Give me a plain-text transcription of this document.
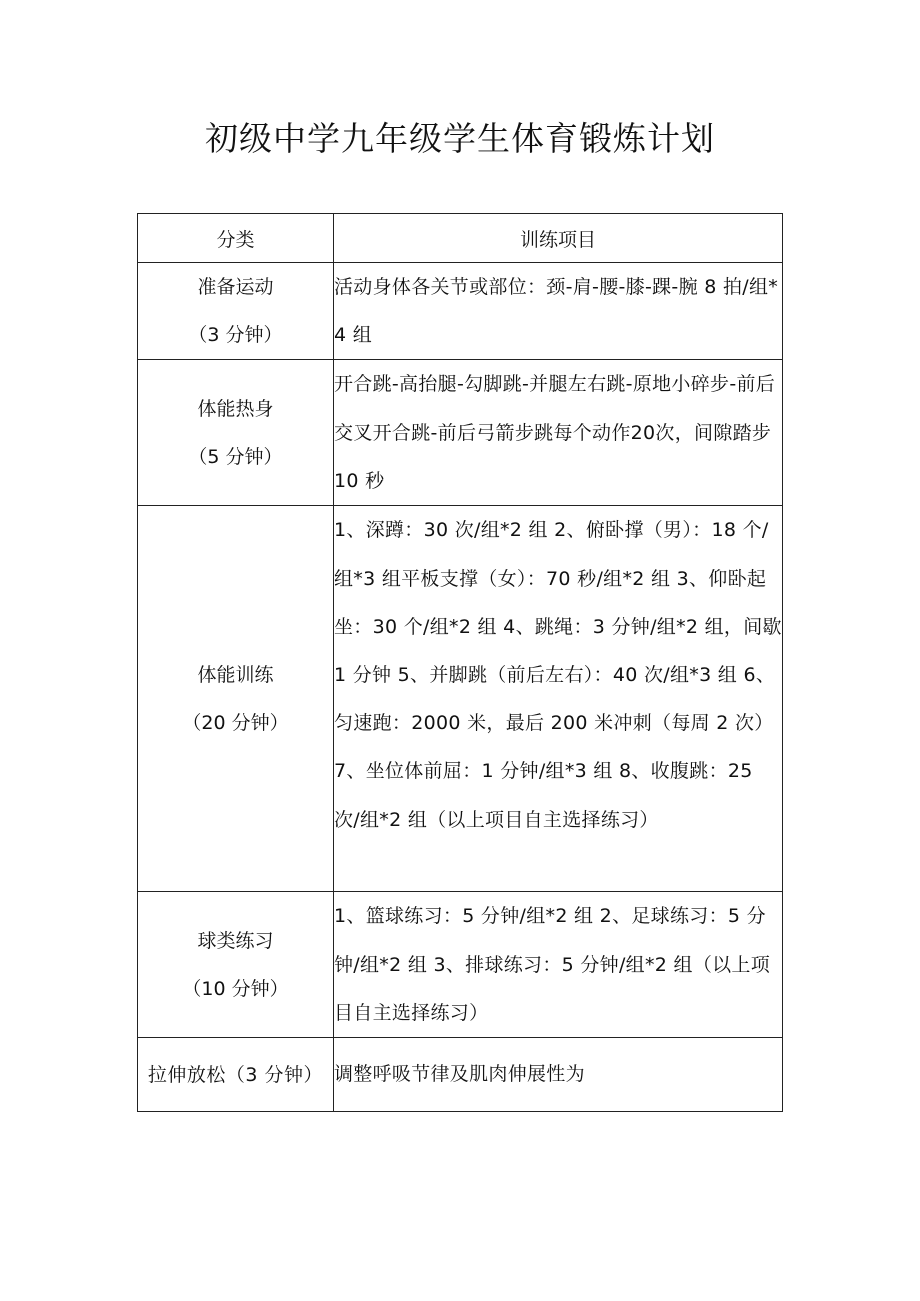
初级中学九年级学生体育锻炼计划
分类	训练项目

准备运动
（3 分钟）	活动身体各关节或部位：颈-肩-腰-膝-踝-腕 8 拍/组*4 组

体能热身
（5 分钟）	开合跳-高抬腿-勾脚跳-并腿左右跳-原地小碎步-前后交叉开合跳-前后弓箭步跳每个动作20次，间隙踏步 10 秒

体能训练
（20 分钟）	1、深蹲：30 次/组*2 组 2、俯卧撑（男）：18 个/组*3 组平板支撑（女）：70 秒/组*2 组 3、仰卧起坐：30 个/组*2 组 4、跳绳：3 分钟/组*2 组，间歇 1 分钟 5、并脚跳（前后左右）：40 次/组*3 组 6、匀速跑：2000 米，最后 200 米冲刺（每周 2 次）7、坐位体前屈：1 分钟/组*3 组 8、收腹跳：25 次/组*2 组（以上项目自主选择练习）

球类练习
（10 分钟）	1、篮球练习：5 分钟/组*2 组 2、足球练习：5 分钟/组*2 组 3、排球练习：5 分钟/组*2 组（以上项目自主选择练习）
拉伸放松（3 分钟）	调整呼吸节律及肌肉伸展性为
